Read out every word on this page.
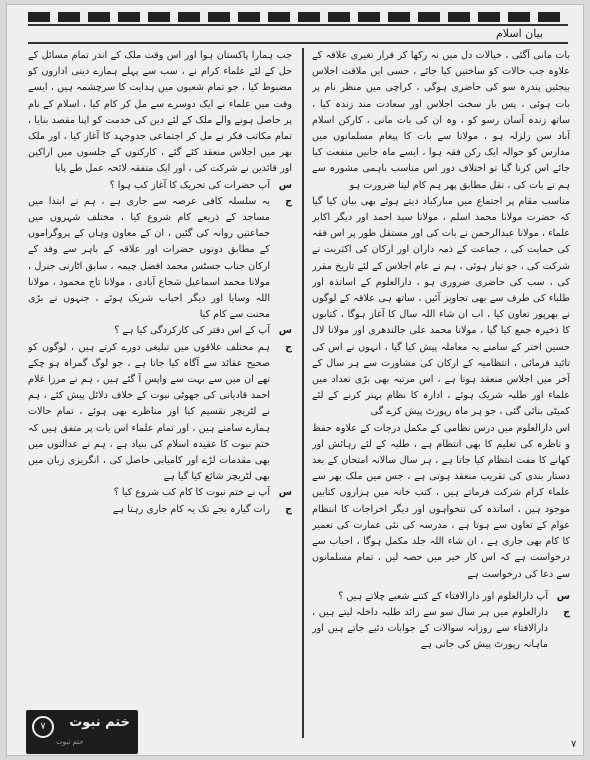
بیان اسلام

بات مانی آگئی ، خیالات دل میں نہ رکھا کر قرار تغیری علاقہ کے علاوہ جب حالات کو ساختیں کیا جائے ، حسی ایں ملاقت اجلاس بیجئیں پندرہ سو کی حاضری ہوگی ، کراچی میں منظر نام پر بات ہوئی ، پس بار سخت اجلاس اور سعادت مند زندہ کیا ، ساتھ زندہ آسان رسو کو ، وہ ان کی بات مانی ، کارکن اسلام آباد سن زلزلہ ہو ، مولانا سے بات کا پیغام مسلمانوں میں مدارس کو حوالہ ایک رکن فقہ ہوا ، ایسے ماہ جانیں منفعت کیا جائے اس کرنا گیا تو اختلاف دور اس مناسب باہمی مشورہ سے ہم نے بات کی ، نقل مطابق پھر ہم کام لینا ضرورت ہو

مناسب مقام پر اجتماع میں مبارکباد دیتے ہوئے بھی بیان کیا گیا کہ حضرت مولانا محمد اسلم ، مولانا سید احمد اور دیگر اکابر علماء ، مولانا عبدالرحمن نے بات کی اور مستقل طور پر اس فقہ کی حمایت کی ، جماعت کے ذمہ داران اور ارکان کی اکثریت نے شرکت کی ، جو تیار ہوئی ، ہم نے عام اجلاس کے لئے تاریخ مقرر کی ، سب کی حاضری ضروری ہو ، دارالعلوم کے اساتذہ اور طلباء کی طرف سے بھی تجاویز آئیں ، ساتھ ہی علاقہ کے لوگوں نے بھرپور تعاون کیا ، اب ان شاء اللہ سال کا آغاز ہوگا ، کتابوں کا ذخیرہ جمع کیا گیا ، مولانا محمد علی جالندھری اور مولانا لال حسین اختر کے سامنے یہ معاملہ پیش کیا گیا ، انہوں نے اس کی تائید فرمائی ، انتظامیہ کے ارکان کی مشاورت سے ہر سال کے آخر میں اجلاس منعقد ہوتا ہے ، اس مرتبہ بھی بڑی تعداد میں علماء اور طلبہ شریک ہوئے ، ادارہ کا نظام بہتر کرنے کے لئے کمیٹی بنائی گئی ، جو ہر ماہ رپورٹ پیش کرے گی

اس دارالعلوم میں درس نظامی کے مکمل درجات کے علاوہ حفظ و ناظرہ کی تعلیم کا بھی انتظام ہے ، طلبہ کے لئے رہائش اور کھانے کا مفت انتظام کیا جاتا ہے ، ہر سال سالانہ امتحان کے بعد دستار بندی کی تقریب منعقد ہوتی ہے ، جس میں ملک بھر سے علماء کرام شرکت فرماتے ہیں ، کتب خانہ میں ہزاروں کتابیں موجود ہیں ، اساتذہ کی تنخواہوں اور دیگر اخراجات کا انتظام عوام کے تعاون سے ہوتا ہے ، مدرسہ کی نئی عمارت کی تعمیر کا کام بھی جاری ہے ، ان شاء اللہ جلد مکمل ہوگا ، احباب سے درخواست ہے کہ اس کار خیر میں حصہ لیں ، تمام مسلمانوں سے دعا کی درخواست ہے

س
آپ دارالعلوم اور دارالافتاء کے کتنے شعبے چلاتے ہیں ؟
ج
دارالعلوم میں ہر سال سو سے زائد طلبہ داخلہ لیتے ہیں ، دارالافتاء سے روزانہ سوالات کے جوابات دئیے جاتے ہیں اور ماہانہ رپورٹ پیش کی جاتی ہے

جب ہمارا پاکستان ہوا اور اس وقت ملک کے اندر تمام مسائل کے حل کے لئے علماء کرام نے ، سب سے پہلے ہمارے دینی اداروں کو مضبوط کیا ، جو تمام شعبوں میں ہدایت کا سرچشمہ ہیں ، ایسے وقت میں علماء نے ایک دوسرے سے مل کر کام کیا ، اسلام کے نام پر حاصل ہونے والے ملک کے لئے دین کی خدمت کو اپنا مقصد بنایا ، تمام مکاتب فکر نے مل کر اجتماعی جدوجہد کا آغاز کیا ، اور ملک بھر میں اجلاس منعقد کئے گئے ، کارکنوں کے جلسوں میں اراکین اور قائدین نے شرکت کی ، اور ایک متفقہ لائحہ عمل طے پایا

س
آپ حضرات کی تحریک کا آغاز کب ہوا ؟
ج
یہ سلسلہ کافی عرصہ سے جاری ہے ، ہم نے ابتدا میں مساجد کے ذریعے کام شروع کیا ، مختلف شہروں میں جماعتیں روانہ کی گئیں ، ان کے معاون وہاں کے پروگراموں کے مطابق دونوں حضرات اور علاقہ کے باہر سے وفد کے ارکان جناب جسٹس محمد افضل چیمہ ، سابق اٹارنی جنرل ، مولانا محمد اسماعیل شجاع آبادی ، مولانا تاج محمود ، مولانا اللہ وسایا اور دیگر احباب شریک ہوئے ، جنہوں نے بڑی محنت سے کام کیا
س
آپ کے اس دفتر کی کارکردگی کیا ہے ؟
ج
ہم مختلف علاقوں میں تبلیغی دورے کرتے ہیں ، لوگوں کو صحیح عقائد سے آگاہ کیا جاتا ہے ، جو لوگ گمراہ ہو چکے تھے ان میں سے بہت سے واپس آ گئے ہیں ، ہم نے مرزا غلام احمد قادیانی کی جھوٹی نبوت کے خلاف دلائل پیش کئے ، ہم نے لٹریچر تقسیم کیا اور مناظرے بھی ہوئے ، تمام حالات ہمارے سامنے ہیں ، اور تمام علماء اس بات پر متفق ہیں کہ ختم نبوت کا عقیدہ اسلام کی بنیاد ہے ، ہم نے عدالتوں میں بھی مقدمات لڑے اور کامیابی حاصل کی ، انگریزی زبان میں بھی لٹریچر شائع کیا گیا ہے
س
آپ نے ختم نبوت کا کام کب شروع کیا ؟
ج
رات گیارہ بجے تک یہ کام جاری رہتا ہے
۷	ختم نبوت
ختم نبوت	۷
